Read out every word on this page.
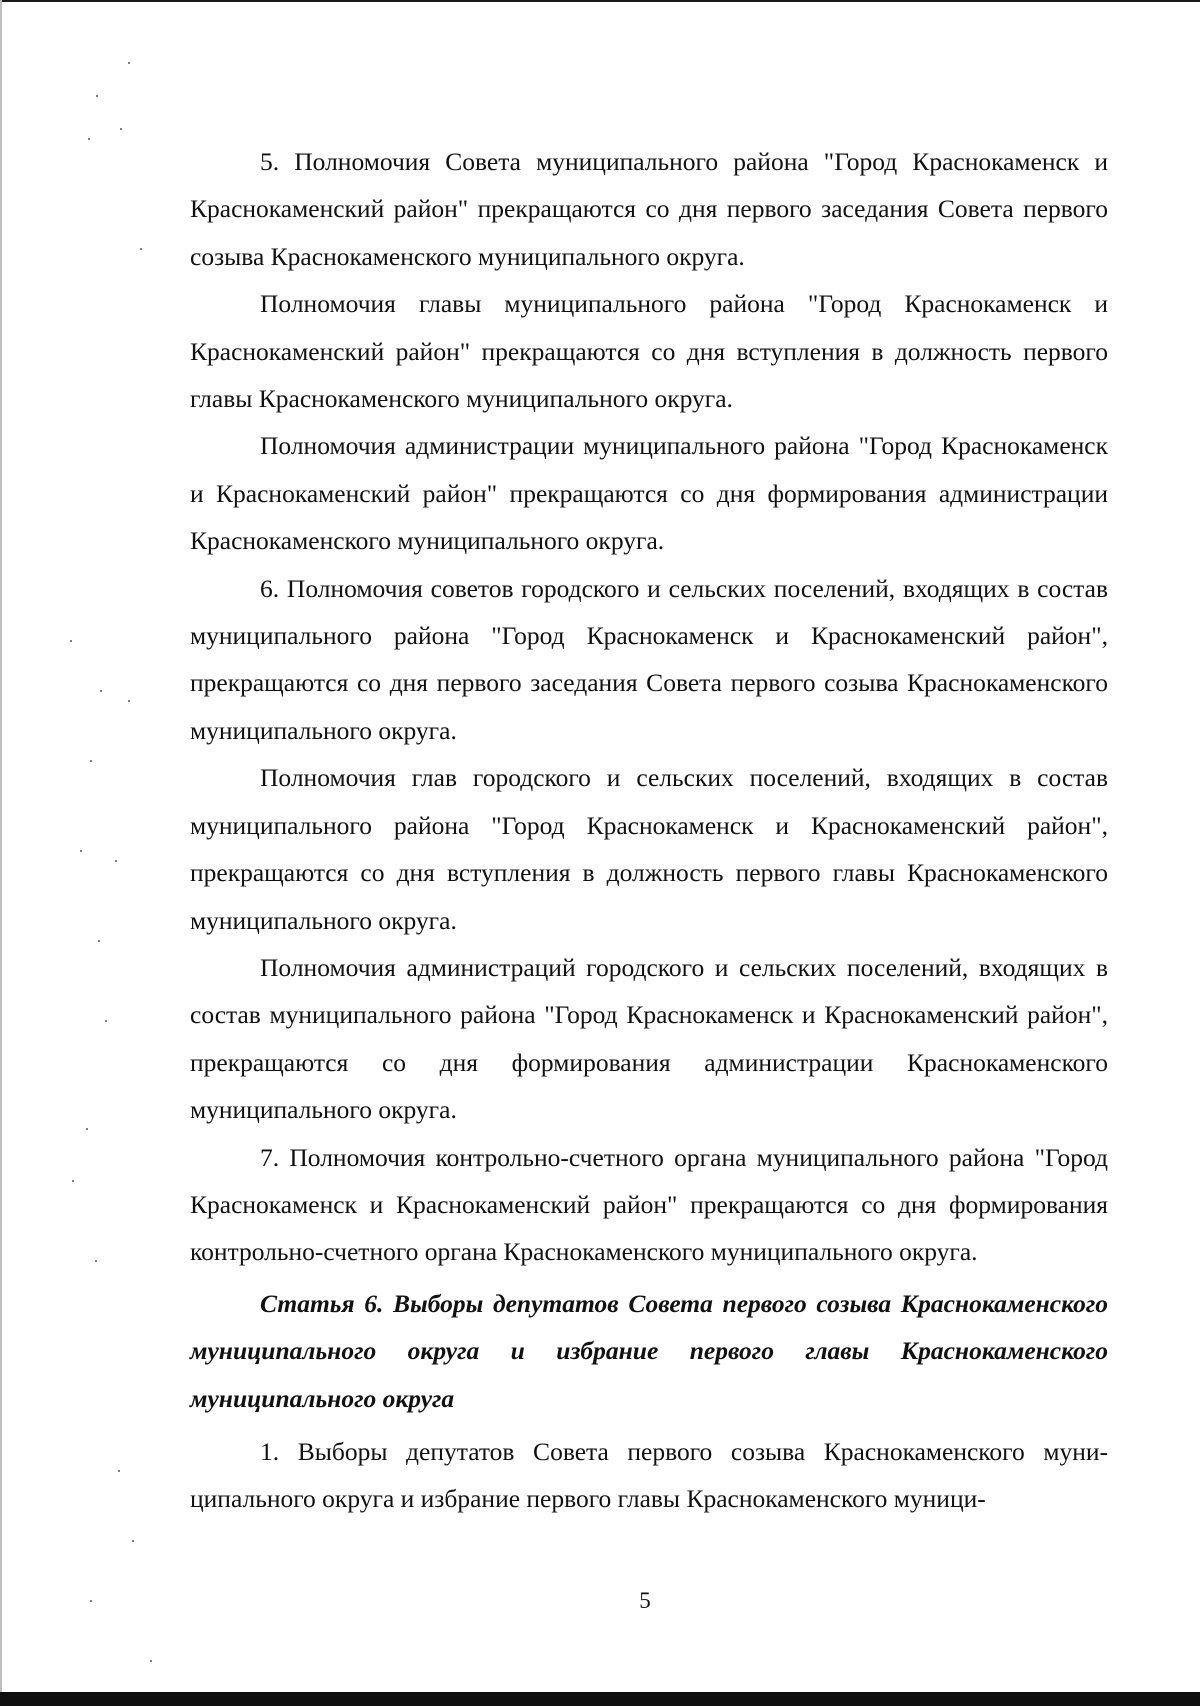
5. Полномочия Совета муниципального района "Город Краснокаменск и Краснокаменский район" прекращаются со дня первого заседания Совета первого созыва Краснокаменского муниципального округа.

Полномочия главы муниципального района "Город Краснокаменск и Краснокаменский район" прекращаются со дня вступления в должность первого главы Краснокаменского муниципального округа.

Полномочия администрации муниципального района "Город Краснокаменск и Краснокаменский район" прекращаются со дня формирования администрации Краснокаменского муниципального округа.

6. Полномочия советов городского и сельских поселений, входящих в состав муниципального района "Город Краснокаменск и Краснокаменский район", прекращаются со дня первого заседания Совета первого созыва Краснокаменского муниципального округа.

Полномочия глав городского и сельских поселений, входящих в состав муниципального района "Город Краснокаменск и Краснокаменский район", прекращаются со дня вступления в должность первого главы Краснокаменского муниципального округа.

Полномочия администраций городского и сельских поселений, входящих в состав муниципального района "Город Краснокаменск и Краснокаменский район", прекращаются со дня формирования администрации Краснокаменского муниципального округа.

7. Полномочия контрольно-счетного органа муниципального района "Город Краснокаменск и Краснокаменский район" прекращаются со дня формирования контрольно-счетного органа Краснокаменского муниципального округа.

Статья 6. Выборы депутатов Совета первого созыва Краснокаменского муниципального округа и избрание первого главы Краснокаменского муниципального округа

1. Выборы депутатов Совета первого созыва Краснокаменского муниципального округа и избрание первого главы Краснокаменского муници-

5
